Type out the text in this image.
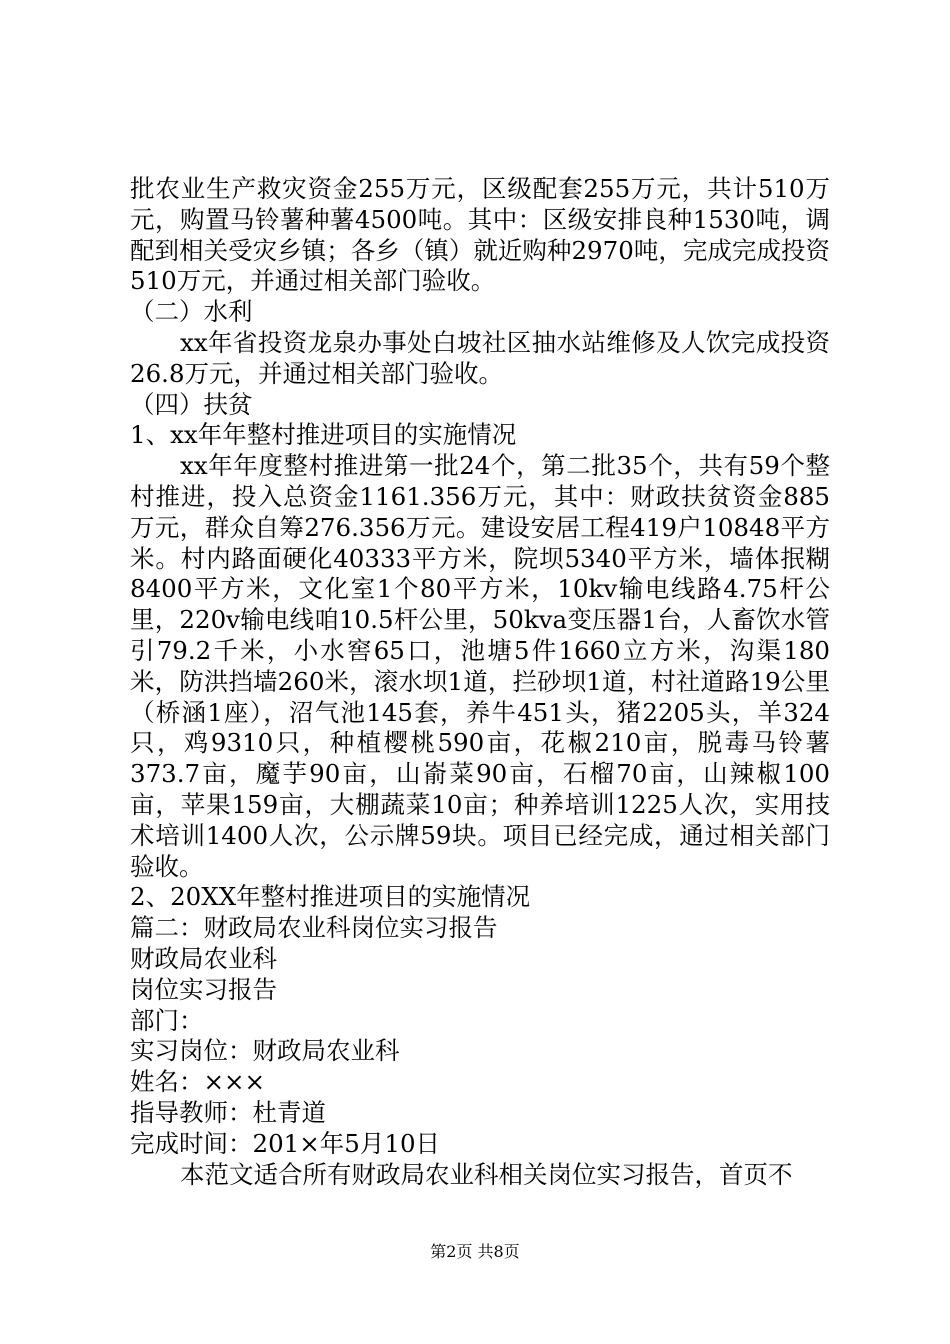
批农业生产救灾资金255万元，区级配套255万元，共计510万元，购置马铃薯种薯4500吨。其中：区级安排良种1530吨，调配到相关受灾乡镇；各乡（镇）就近购种2970吨，完成完成投资510万元，并通过相关部门验收。

（二）水利

xx年省投资龙泉办事处白坡社区抽水站维修及人饮完成投资26.8万元，并通过相关部门验收。

（四）扶贫

1、xx年年整村推进项目的实施情况

xx年年度整村推进第一批24个，第二批35个，共有59个整村推进，投入总资金1161.356万元，其中：财政扶贫资金885万元，群众自筹276.356万元。建设安居工程419户10848平方米。村内路面硬化40333平方米，院坝5340平方米，墙体抿糊8400平方米，文化室1个80平方米，10kv输电线路4.75杆公里，220v输电线咱10.5杆公里，50kva变压器1台，人畜饮水管引79.2千米，小水窖65口，池塘5件1660立方米，沟渠180米，防洪挡墙260米，滚水坝1道，拦砂坝1道，村社道路19公里（桥涵1座），沼气池145套，养牛451头，猪2205头，羊324只，鸡9310只，种植樱桃590亩，花椒210亩，脱毒马铃薯373.7亩，魔芋90亩，山嵛菜90亩，石榴70亩，山辣椒100亩，苹果159亩，大棚蔬菜10亩；种养培训1225人次，实用技术培训1400人次，公示牌59块。项目已经完成，通过相关部门验收。

2、20XX年整村推进项目的实施情况

篇二：财政局农业科岗位实习报告

财政局农业科

岗位实习报告

部门：

实习岗位：财政局农业科

姓名：×××

指导教师：杜青道

完成时间：201×年5月10日

本范文适合所有财政局农业科相关岗位实习报告，首页不

第2页 共8页
